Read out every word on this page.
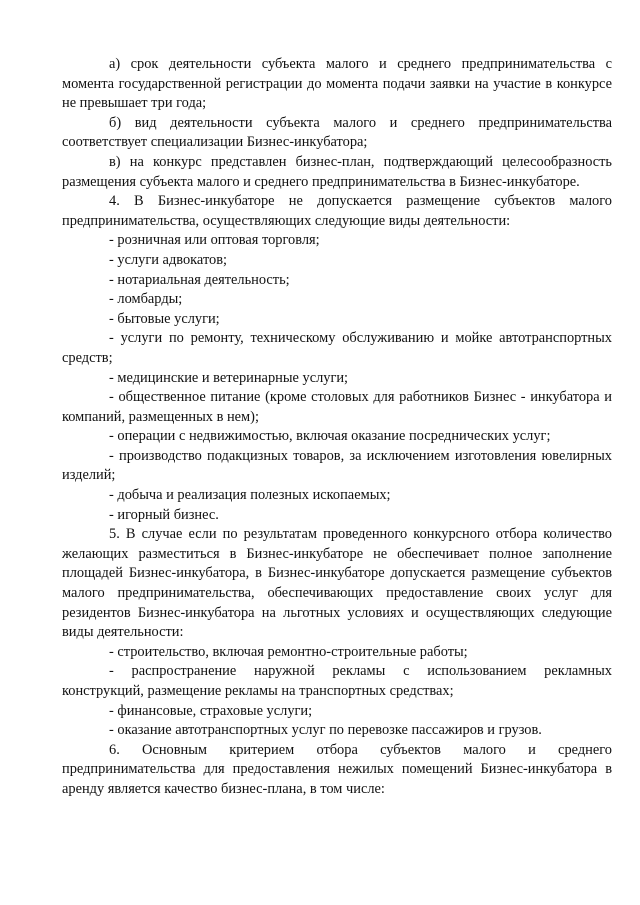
а) срок деятельности субъекта малого и среднего предпринимательства с момента государственной регистрации до момента подачи заявки на участие в конкурсе не превышает три года;

б) вид деятельности субъекта малого и среднего предпринимательства соответствует специализации Бизнес-инкубатора;

в) на конкурс представлен бизнес-план, подтверждающий целесообразность размещения субъекта малого и среднего предпринимательства в Бизнес-инкубаторе.

4. В Бизнес-инкубаторе не допускается размещение субъектов малого предпринимательства, осуществляющих следующие виды деятельности:

- розничная или оптовая торговля;

- услуги адвокатов;

- нотариальная деятельность;

- ломбарды;

- бытовые услуги;

- услуги по ремонту, техническому обслуживанию и мойке автотранспортных средств;

- медицинские и ветеринарные услуги;

- общественное питание (кроме столовых для работников Бизнес - инкубатора и компаний, размещенных в нем);

- операции с недвижимостью, включая оказание посреднических услуг;

- производство подакцизных товаров, за исключением изготовления ювелирных изделий;

- добыча и реализация полезных ископаемых;

- игорный бизнес.

5. В случае если по результатам проведенного конкурсного отбора количество желающих разместиться в Бизнес-инкубаторе не обеспечивает полное заполнение площадей Бизнес-инкубатора, в Бизнес-инкубаторе допускается размещение субъектов малого предпринимательства, обеспечивающих предоставление своих услуг для резидентов Бизнес-инкубатора на льготных условиях и осуществляющих следующие виды деятельности:

- строительство, включая ремонтно-строительные работы;

- распространение наружной рекламы с использованием рекламных конструкций, размещение рекламы на транспортных средствах;

- финансовые, страховые услуги;

- оказание автотранспортных услуг по перевозке пассажиров и грузов.

6. Основным критерием отбора субъектов малого и среднего предпринимательства для предоставления нежилых помещений Бизнес-инкубатора в аренду является качество бизнес-плана, в том числе:
